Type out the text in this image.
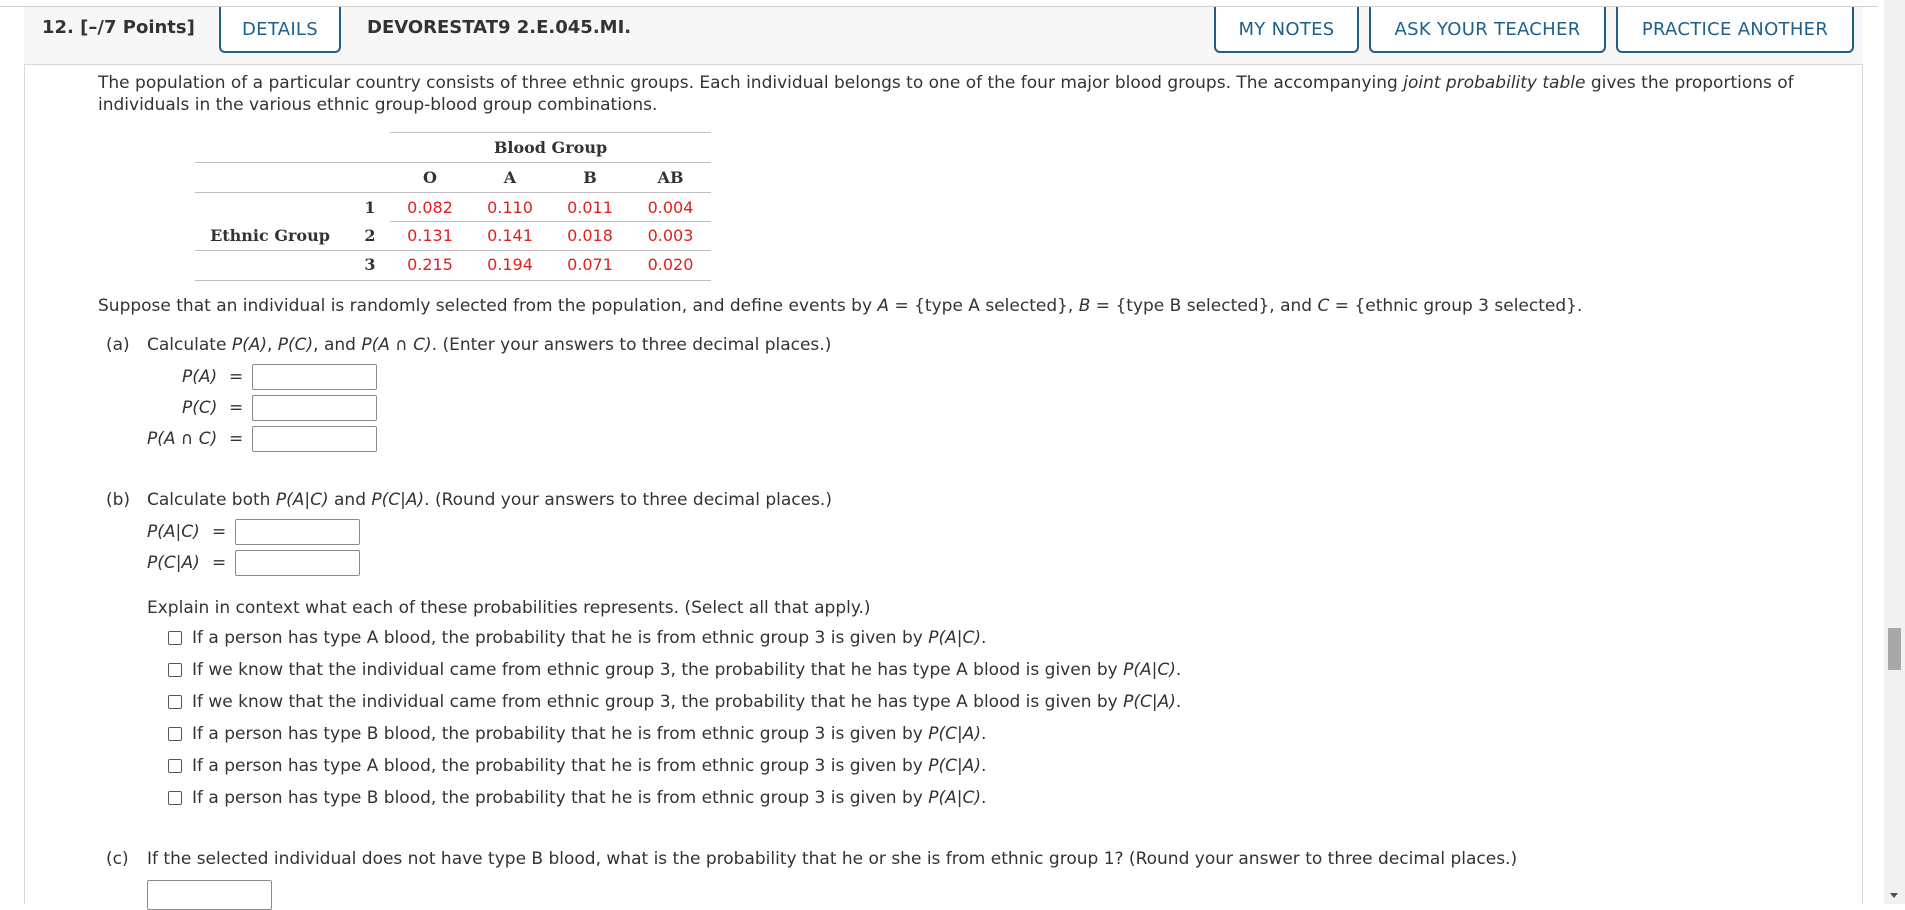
12. [–/7 Points]	DETAILS	DEVORESTAT9 2.E.045.MI.	MY NOTES	ASK YOUR TEACHER	PRACTICE ANOTHER
The population of a particular country consists of three ethnic groups. Each individual belongs to one of the four major blood groups. The accompanying joint probability table gives the proportions of individuals in the various ethnic group-blood group combinations.
Blood Group
O	A	B	AB
Ethnic Group
1	0.082	0.110	0.011	0.004
2	0.131	0.141	0.018	0.003
3	0.215	0.194	0.071	0.020
Suppose that an individual is randomly selected from the population, and define events by A = {type A selected}, B = {type B selected}, and C = {ethnic group 3 selected}.
(a) Calculate P(A), P(C), and P(A ∩ C). (Enter your answers to three decimal places.)
P(A) =
P(C) =
P(A ∩ C) =
(b) Calculate both P(A|C) and P(C|A). (Round your answers to three decimal places.)
P(A|C) =
P(C|A) =
Explain in context what each of these probabilities represents. (Select all that apply.)
If a person has type A blood, the probability that he is from ethnic group 3 is given by P(A|C).
If we know that the individual came from ethnic group 3, the probability that he has type A blood is given by P(A|C).
If we know that the individual came from ethnic group 3, the probability that he has type A blood is given by P(C|A).
If a person has type B blood, the probability that he is from ethnic group 3 is given by P(C|A).
If a person has type A blood, the probability that he is from ethnic group 3 is given by P(C|A).
If a person has type B blood, the probability that he is from ethnic group 3 is given by P(A|C).
(c) If the selected individual does not have type B blood, what is the probability that he or she is from ethnic group 1? (Round your answer to three decimal places.)
